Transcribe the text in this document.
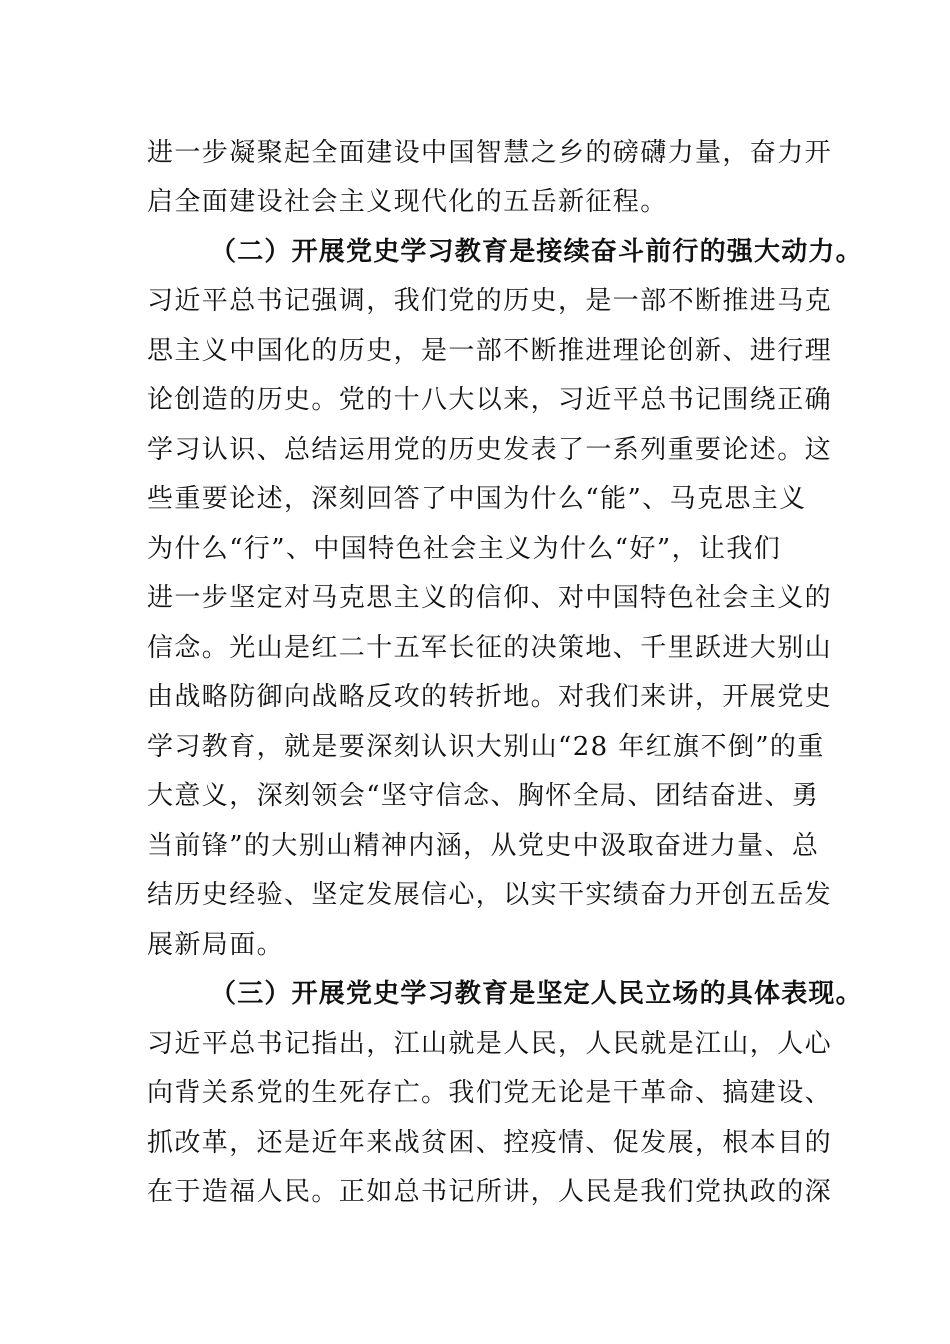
进一步凝聚起全面建设中国智慧之乡的磅礴力量，奋力开
启全面建设社会主义现代化的五岳新征程。
（二）开展党史学习教育是接续奋斗前行的强大动力。
习近平总书记强调，我们党的历史，是一部不断推进马克
思主义中国化的历史，是一部不断推进理论创新、进行理
论创造的历史。党的十八大以来，习近平总书记围绕正确
学习认识、总结运用党的历史发表了一系列重要论述。这
些重要论述，深刻回答了中国为什么“能”、马克思主义
为什么“行”、中国特色社会主义为什么“好”，让我们
进一步坚定对马克思主义的信仰、对中国特色社会主义的
信念。光山是红二十五军长征的决策地、千里跃进大别山
由战略防御向战略反攻的转折地。对我们来讲，开展党史
学习教育，就是要深刻认识大别山“28 年红旗不倒”的重
大意义，深刻领会“坚守信念、胸怀全局、团结奋进、勇
当前锋”的大别山精神内涵，从党史中汲取奋进力量、总
结历史经验、坚定发展信心，以实干实绩奋力开创五岳发
展新局面。
（三）开展党史学习教育是坚定人民立场的具体表现。
习近平总书记指出，江山就是人民，人民就是江山，人心
向背关系党的生死存亡。我们党无论是干革命、搞建设、
抓改革，还是近年来战贫困、控疫情、促发展，根本目的
在于造福人民。正如总书记所讲，人民是我们党执政的深
